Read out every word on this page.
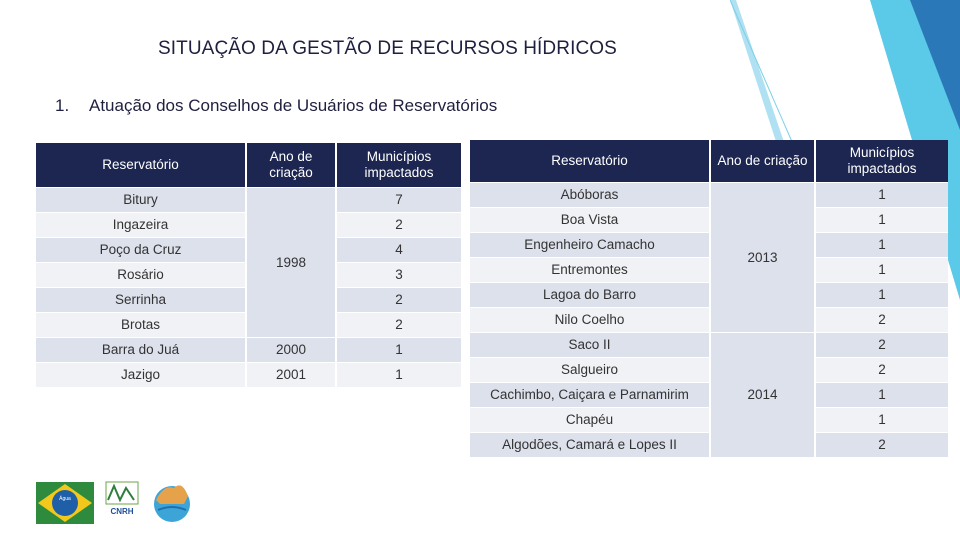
SITUAÇÃO DA GESTÃO DE RECURSOS HÍDRICOS
1. Atuação dos Conselhos de Usuários de Reservatórios
Reservatório	Ano de criação	Municípios impactados
Bitury	1998	7
Ingazeira		2
Poço da Cruz		4
Rosário		3
Serrinha		2
Brotas		2
Barra do Juá	2000	1
Jazigo	2001	1
Reservatório	Ano de criação	Municípios impactados
Abóboras	2013	1
Boa Vista		1
Engenheiro Camacho		1
Entremontes		1
Lagoa do Barro		1
Nilo Coelho		2
Saco II	2014	2
Salgueiro		2
Cachimbo, Caiçara e Parnamirim		1
Chapéu		1
Algodões, Camará e Lopes II		2
Água
CNRH
